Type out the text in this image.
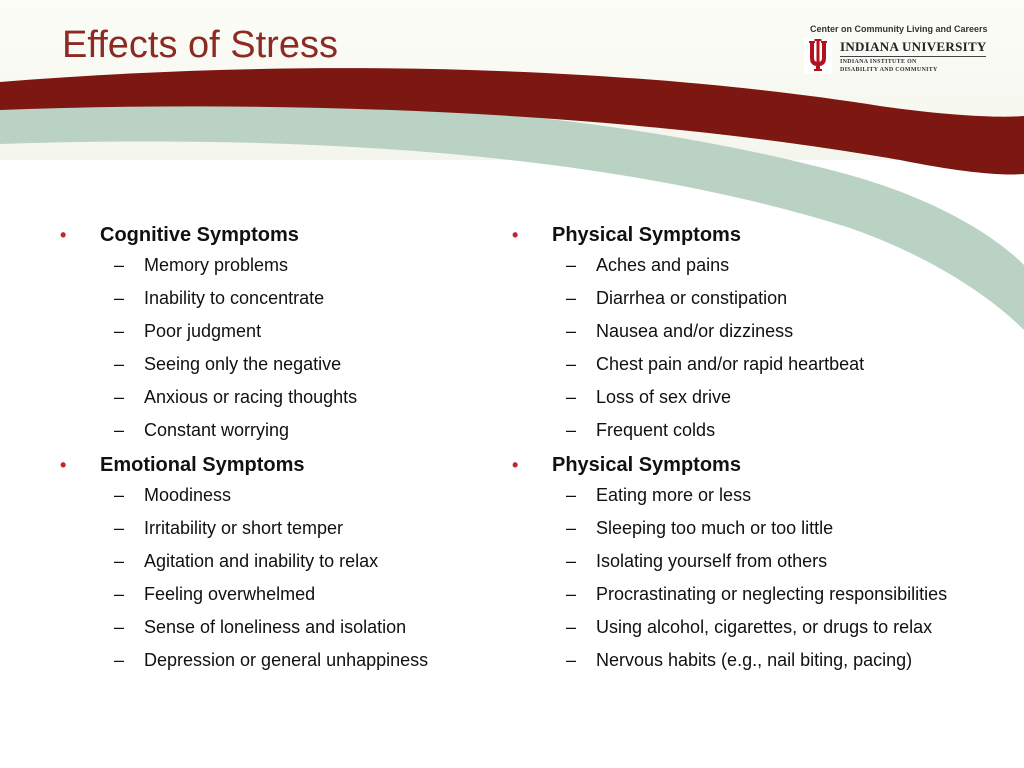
Effects of Stress	Center on Community Living and Careers
INDIANA UNIVERSITY
INDIANA INSTITUTE ON
DISABILITY AND COMMUNITY
•	Cognitive Symptoms
–	Memory problems
–	Inability to concentrate
–	Poor judgment
–	Seeing only the negative
–	Anxious or racing thoughts
–	Constant worrying
•	Emotional Symptoms
–	Moodiness
–	Irritability or short temper
–	Agitation and inability to relax
–	Feeling overwhelmed
–	Sense of loneliness and isolation
–	Depression or general unhappiness
•	Physical Symptoms
–	Aches and pains
–	Diarrhea or constipation
–	Nausea and/or dizziness
–	Chest pain and/or rapid heartbeat
–	Loss of sex drive
–	Frequent colds
•	Physical Symptoms
–	Eating more or less
–	Sleeping too much or too little
–	Isolating yourself from others
–	Procrastinating or neglecting responsibilities
–	Using alcohol, cigarettes, or drugs to relax
–	Nervous habits (e.g., nail biting, pacing)
